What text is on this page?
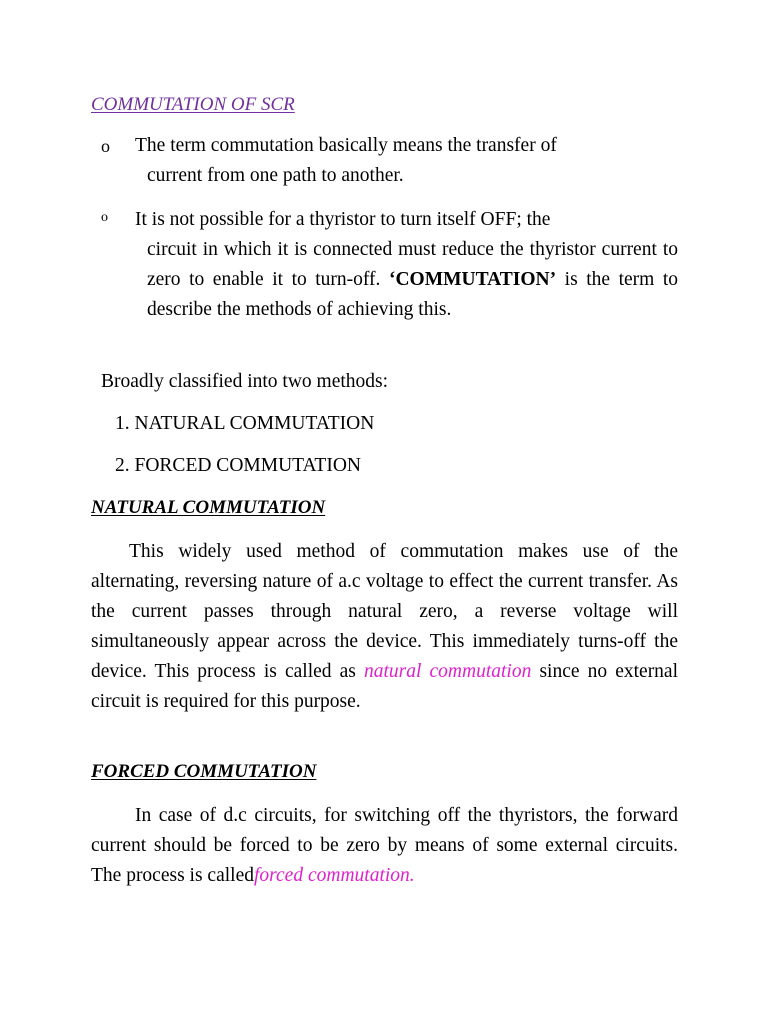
COMMUTATION OF SCR
o The term commutation basically means the transfer of
current from one path to another.
o It is not possible for a thyristor to turn itself OFF; the
circuit in which it is connected must reduce the thyristor current to zero to enable it to turn-off. ‘COMMUTATION’ is the term to describe the methods of achieving this.

Broadly classified into two methods:

1. NATURAL COMMUTATION

2. FORCED COMMUTATION

NATURAL COMMUTATION

This widely used method of commutation makes use of the alternating, reversing nature of a.c voltage to effect the current transfer. As the current passes through natural zero, a reverse voltage will simultaneously appear across the device. This immediately turns-off the device. This process is called as natural commutation since no external circuit is required for this purpose.

FORCED COMMUTATION

In case of d.c circuits, for switching off the thyristors, the forward current should be forced to be zero by means of some external circuits. The process is calledforced commutation.
